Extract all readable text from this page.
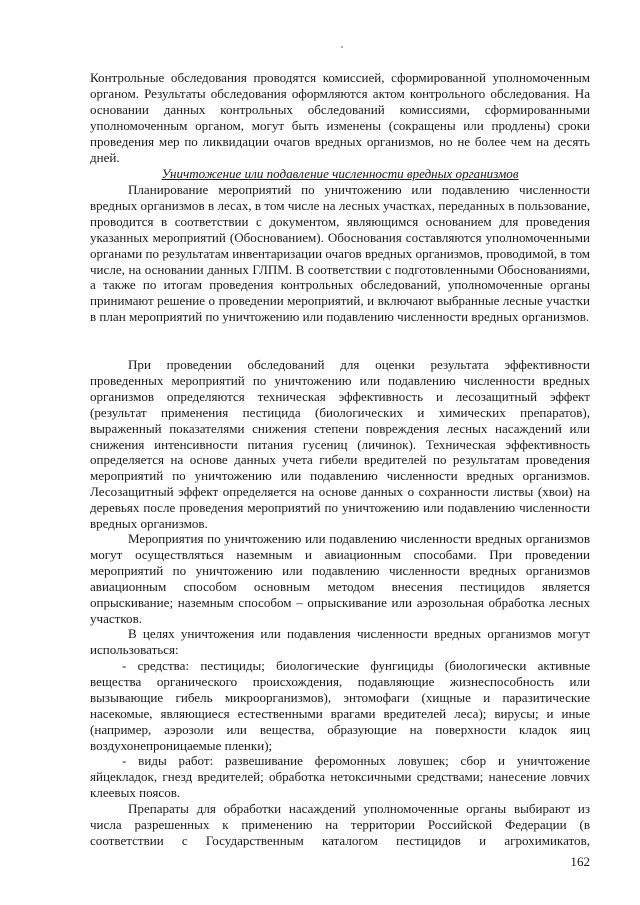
Контрольные обследования проводятся комиссией, сформированной уполномоченным органом. Результаты обследования оформляются актом контрольного обследования. На основании данных контрольных обследований комиссиями, сформированными уполномоченным органом, могут быть изменены (сокращены или продлены) сроки проведения мер по ликвидации очагов вредных организмов, но не более чем на десять дней.

Уничтожение или подавление численности вредных организмов

Планирование мероприятий по уничтожению или подавлению численности вредных организмов в лесах, в том числе на лесных участках, переданных в пользование, проводится в соответствии с документом, являющимся основанием для проведения указанных мероприятий (Обоснованием). Обоснования составляются уполномоченными органами по результатам инвентаризации очагов вредных организмов, проводимой, в том числе, на основании данных ГЛПМ. В соответствии с подготовленными Обоснованиями, а также по итогам проведения контрольных обследований, уполномоченные органы принимают решение о проведении мероприятий, и включают выбранные лесные участки в план мероприятий по уничтожению или подавлению численности вредных организмов.

При проведении обследований для оценки результата эффективности проведенных мероприятий по уничтожению или подавлению численности вредных организмов определяются техническая эффективность и лесозащитный эффект (результат применения пестицида (биологических и химических препаратов), выраженный показателями снижения степени повреждения лесных насаждений или снижения интенсивности питания гусениц (личинок). Техническая эффективность определяется на основе данных учета гибели вредителей по результатам проведения мероприятий по уничтожению или подавлению численности вредных организмов. Лесозащитный эффект определяется на основе данных о сохранности листвы (хвои) на деревьях после проведения мероприятий по уничтожению или подавлению численности вредных организмов.

Мероприятия по уничтожению или подавлению численности вредных организмов могут осуществляться наземным и авиационным способами. При проведении мероприятий по уничтожению или подавлению численности вредных организмов авиационным способом основным методом внесения пестицидов является опрыскивание; наземным способом – опрыскивание или аэрозольная обработка лесных участков.

В целях уничтожения или подавления численности вредных организмов могут использоваться:

- средства: пестициды; биологические фунгициды (биологически активные вещества органического происхождения, подавляющие жизнеспособность или вызывающие гибель микроорганизмов), энтомофаги (хищные и паразитические насекомые, являющиеся естественными врагами вредителей леса); вирусы; и иные (например, аэрозоли или вещества, образующие на поверхности кладок яиц воздухонепроницаемые пленки);

- виды работ: развешивание феромонных ловушек; сбор и уничтожение яйцекладок, гнезд вредителей; обработка нетоксичными средствами; нанесение ловчих клеевых поясов.

Препараты для обработки насаждений уполномоченные органы выбирают из числа разрешенных к применению на территории Российской Федерации (в соответствии с Государственным каталогом пестицидов и агрохимикатов,

162
